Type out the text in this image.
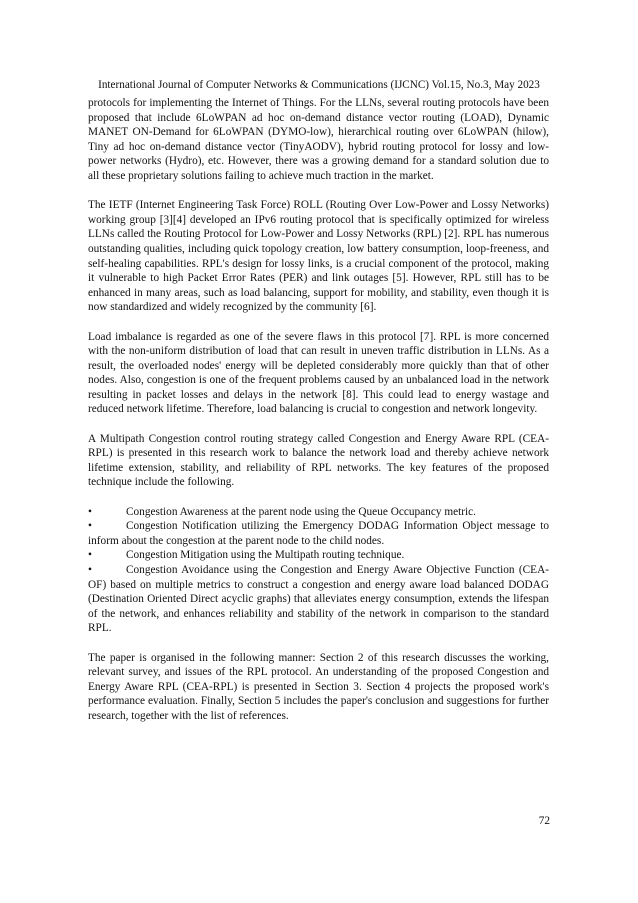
International Journal of Computer Networks & Communications (IJCNC) Vol.15, No.3, May 2023

protocols for implementing the Internet of Things. For the LLNs, several routing protocols have been proposed that include 6LoWPAN ad hoc on-demand distance vector routing (LOAD), Dynamic MANET ON-Demand for 6LoWPAN (DYMO-low), hierarchical routing over 6LoWPAN (hilow), Tiny ad hoc on-demand distance vector (TinyAODV), hybrid routing protocol for lossy and low-power networks (Hydro), etc. However, there was a growing demand for a standard solution due to all these proprietary solutions failing to achieve much traction in the market.

The IETF (Internet Engineering Task Force) ROLL (Routing Over Low-Power and Lossy Networks) working group [3][4] developed an IPv6 routing protocol that is specifically optimized for wireless LLNs called the Routing Protocol for Low-Power and Lossy Networks (RPL) [2]. RPL has numerous outstanding qualities, including quick topology creation, low battery consumption, loop-freeness, and self-healing capabilities. RPL's design for lossy links, is a crucial component of the protocol, making it vulnerable to high Packet Error Rates (PER) and link outages [5]. However, RPL still has to be enhanced in many areas, such as load balancing, support for mobility, and stability, even though it is now standardized and widely recognized by the community [6].

Load imbalance is regarded as one of the severe flaws in this protocol [7]. RPL is more concerned with the non-uniform distribution of load that can result in uneven traffic distribution in LLNs. As a result, the overloaded nodes' energy will be depleted considerably more quickly than that of other nodes. Also, congestion is one of the frequent problems caused by an unbalanced load in the network resulting in packet losses and delays in the network [8]. This could lead to energy wastage and reduced network lifetime. Therefore, load balancing is crucial to congestion and network longevity.

A Multipath Congestion control routing strategy called Congestion and Energy Aware RPL (CEA-RPL) is presented in this research work to balance the network load and thereby achieve network lifetime extension, stability, and reliability of RPL networks. The key features of the proposed technique include the following.

•	Congestion Awareness at the parent node using the Queue Occupancy metric.
•	Congestion Notification utilizing the Emergency DODAG Information Object message to inform about the congestion at the parent node to the child nodes.
•	Congestion Mitigation using the Multipath routing technique.
•	Congestion Avoidance using the Congestion and Energy Aware Objective Function (CEA-OF) based on multiple metrics to construct a congestion and energy aware load balanced DODAG (Destination Oriented Direct acyclic graphs) that alleviates energy consumption, extends the lifespan of the network, and enhances reliability and stability of the network in comparison to the standard RPL.

The paper is organised in the following manner: Section 2 of this research discusses the working, relevant survey, and issues of the RPL protocol. An understanding of the proposed Congestion and Energy Aware RPL (CEA-RPL) is presented in Section 3. Section 4 projects the proposed work's performance evaluation. Finally, Section 5 includes the paper's conclusion and suggestions for further research, together with the list of references.

72
